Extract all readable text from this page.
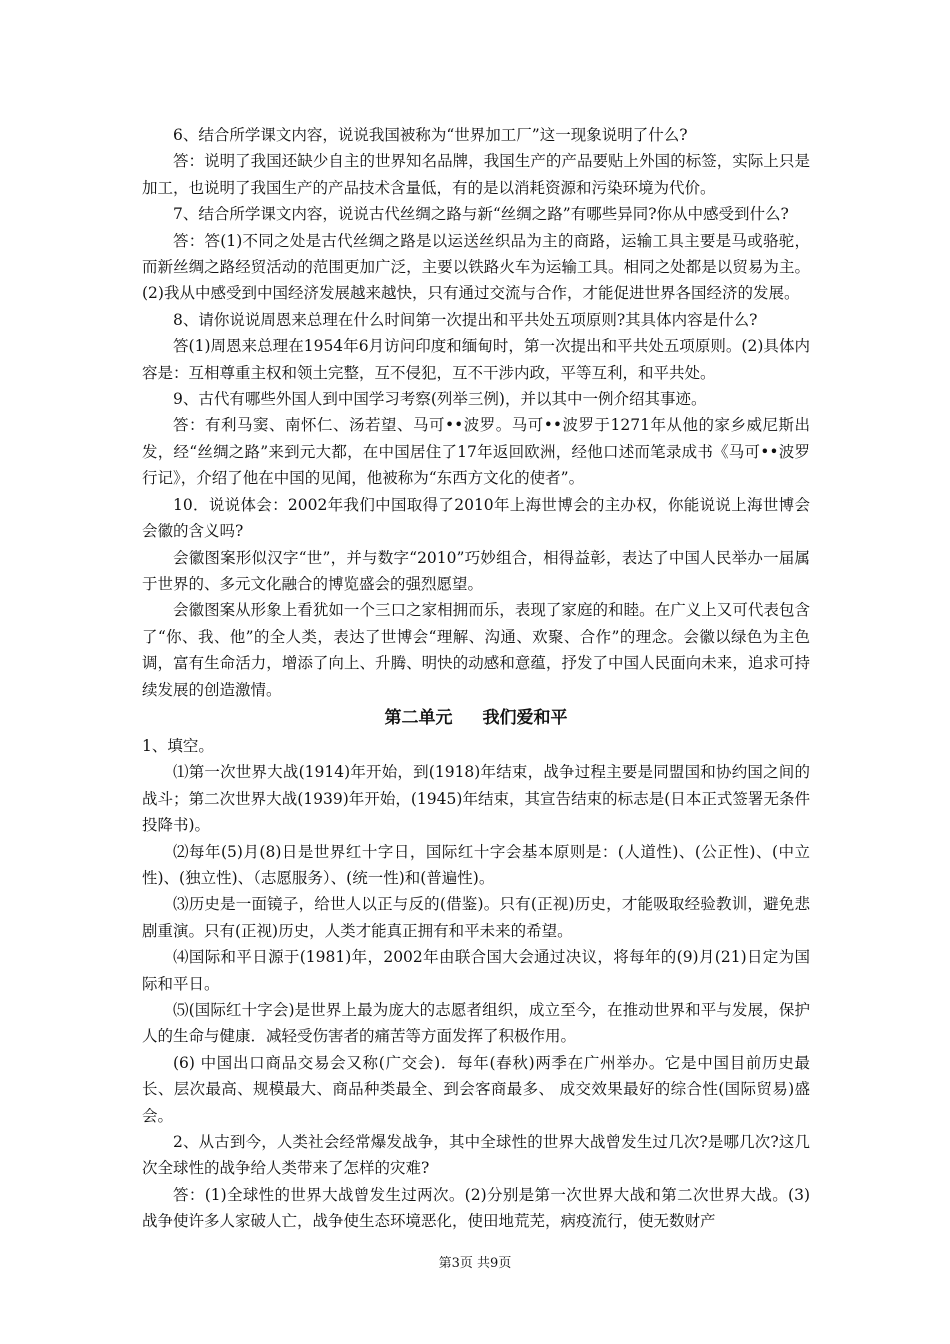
6、结合所学课文内容，说说我国被称为“世界加工厂”这一现象说明了什么?

答：说明了我国还缺少自主的世界知名品牌，我国生产的产品要贴上外国的标签，实际上只是加工，也说明了我国生产的产品技术含量低，有的是以消耗资源和污染环境为代价。

7、结合所学课文内容，说说古代丝绸之路与新“丝绸之路”有哪些异同?你从中感受到什么?

答：答(1)不同之处是古代丝绸之路是以运送丝织品为主的商路，运输工具主要是马或骆驼，而新丝绸之路经贸活动的范围更加广泛，主要以铁路火车为运输工具。相同之处都是以贸易为主。(2)我从中感受到中国经济发展越来越快，只有通过交流与合作，才能促进世界各国经济的发展。

8、请你说说周恩来总理在什么时间第一次提出和平共处五项原则?其具体内容是什么?

答(1)周恩来总理在1954年6月访问印度和缅甸时，第一次提出和平共处五项原则。(2)具体内容是：互相尊重主权和领土完整，互不侵犯，互不干涉内政，平等互利，和平共处。

9、古代有哪些外国人到中国学习考察(列举三例)，并以其中一例介绍其事迹。

答：有利马窦、南怀仁、汤若望、马可••波罗。马可••波罗于1271年从他的家乡威尼斯出发，经“丝绸之路”来到元大都，在中国居住了17年返回欧洲，经他口述而笔录成书《马可••波罗行记》，介绍了他在中国的见闻，他被称为“东西方文化的使者”。

10．说说体会：2002年我们中国取得了2010年上海世博会的主办权，你能说说上海世博会会徽的含义吗?

会徽图案形似汉字“世”，并与数字“2010”巧妙组合，相得益彰，表达了中国人民举办一届属于世界的、多元文化融合的博览盛会的强烈愿望。

会徽图案从形象上看犹如一个三口之家相拥而乐，表现了家庭的和睦。在广义上又可代表包含了“你、我、他”的全人类，表达了世博会“理解、沟通、欢聚、合作”的理念。会徽以绿色为主色调，富有生命活力，增添了向上、升腾、明快的动感和意蕴，抒发了中国人民面向未来，追求可持续发展的创造激情。

第二单元 我们爱和平

1、填空。

⑴第一次世界大战(1914)年开始，到(1918)年结束，战争过程主要是同盟国和协约国之间的战斗；第二次世界大战(1939)年开始，(1945)年结束，其宣告结束的标志是(日本正式签署无条件投降书)。

⑵每年(5)月(8)日是世界红十字日，国际红十字会基本原则是：(人道性)、(公正性)、(中立性)、(独立性)、（志愿服务）、(统一性)和(普遍性)。

⑶历史是一面镜子，给世人以正与反的(借鉴)。只有(正视)历史，才能吸取经验教训，避免悲剧重演。只有(正视)历史，人类才能真正拥有和平未来的希望。

⑷国际和平日源于(1981)年，2002年由联合国大会通过决议，将每年的(9)月(21)日定为国际和平日。

⑸(国际红十字会)是世界上最为庞大的志愿者组织，成立至今，在推动世界和平与发展，保护人的生命与健康．减轻受伤害者的痛苦等方面发挥了积极作用。

(6) 中国出口商品交易会又称(广交会)．每年(春秋)两季在广州举办。它是中国目前历史最长、层次最高、规模最大、商品种类最全、到会客商最多、 成交效果最好的综合性(国际贸易)盛会。

2、从古到今，人类社会经常爆发战争，其中全球性的世界大战曾发生过几次?是哪几次?这几次全球性的战争给人类带来了怎样的灾难?

答：(1)全球性的世界大战曾发生过两次。(2)分别是第一次世界大战和第二次世界大战。(3)战争使许多人家破人亡，战争使生态环境恶化，使田地荒芜，病疫流行，使无数财产

第3页 共9页
